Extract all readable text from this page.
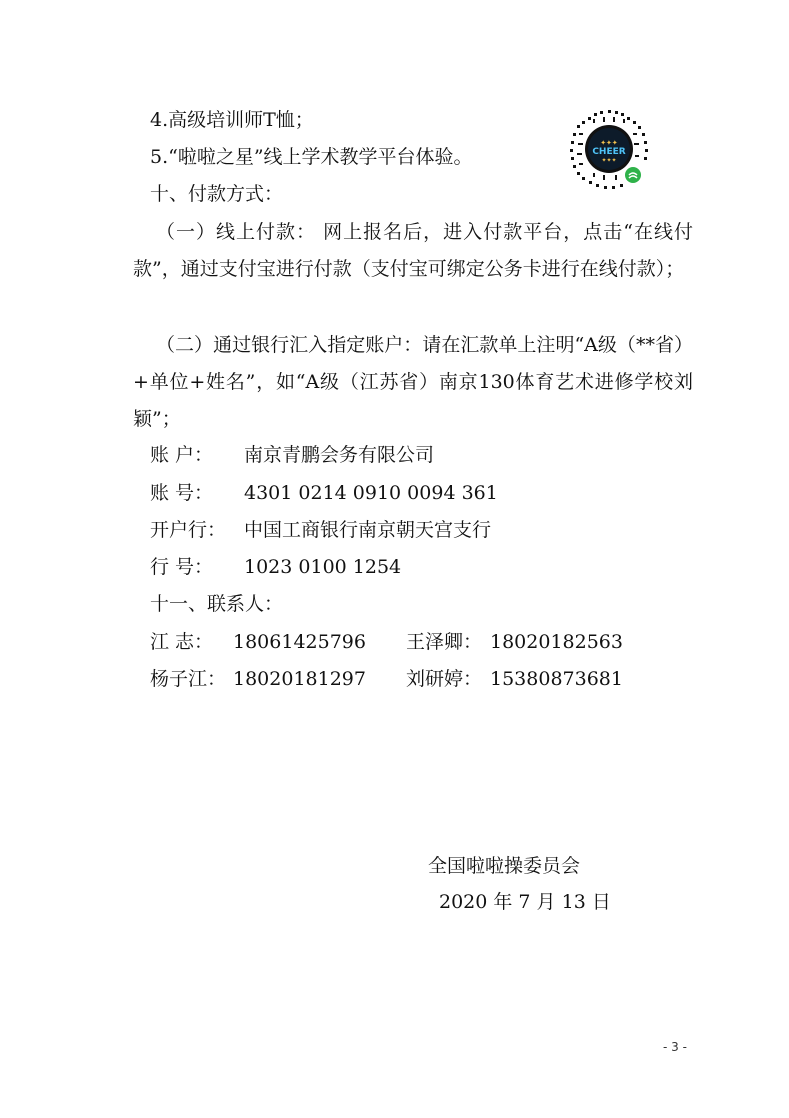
4.高级培训师T恤；
5.“啦啦之星”线上学术教学平台体验。
✦✦✦
CHEER
✦✦✦
十、付款方式：
（一）线上付款： 网上报名后，进入付款平台，点击“在线付款”，通过支付宝进行付款（支付宝可绑定公务卡进行在线付款）；
（二）通过银行汇入指定账户：请在汇款单上注明“A级（**省）+单位+姓名”，如“A级（江苏省）南京130体育艺术进修学校刘颖”；
账 户： 南京青鹏会务有限公司
账 号： 4301 0214 0910 0094 361
开户行： 中国工商银行南京朝天宫支行
行 号： 1023 0100 1254
十一、联系人：
江 志： 18061425796 王泽卿： 18020182563
杨子江： 18020181297 刘研婷： 15380873681
全国啦啦操委员会
2020 年 7 月 13 日
- 3 -
